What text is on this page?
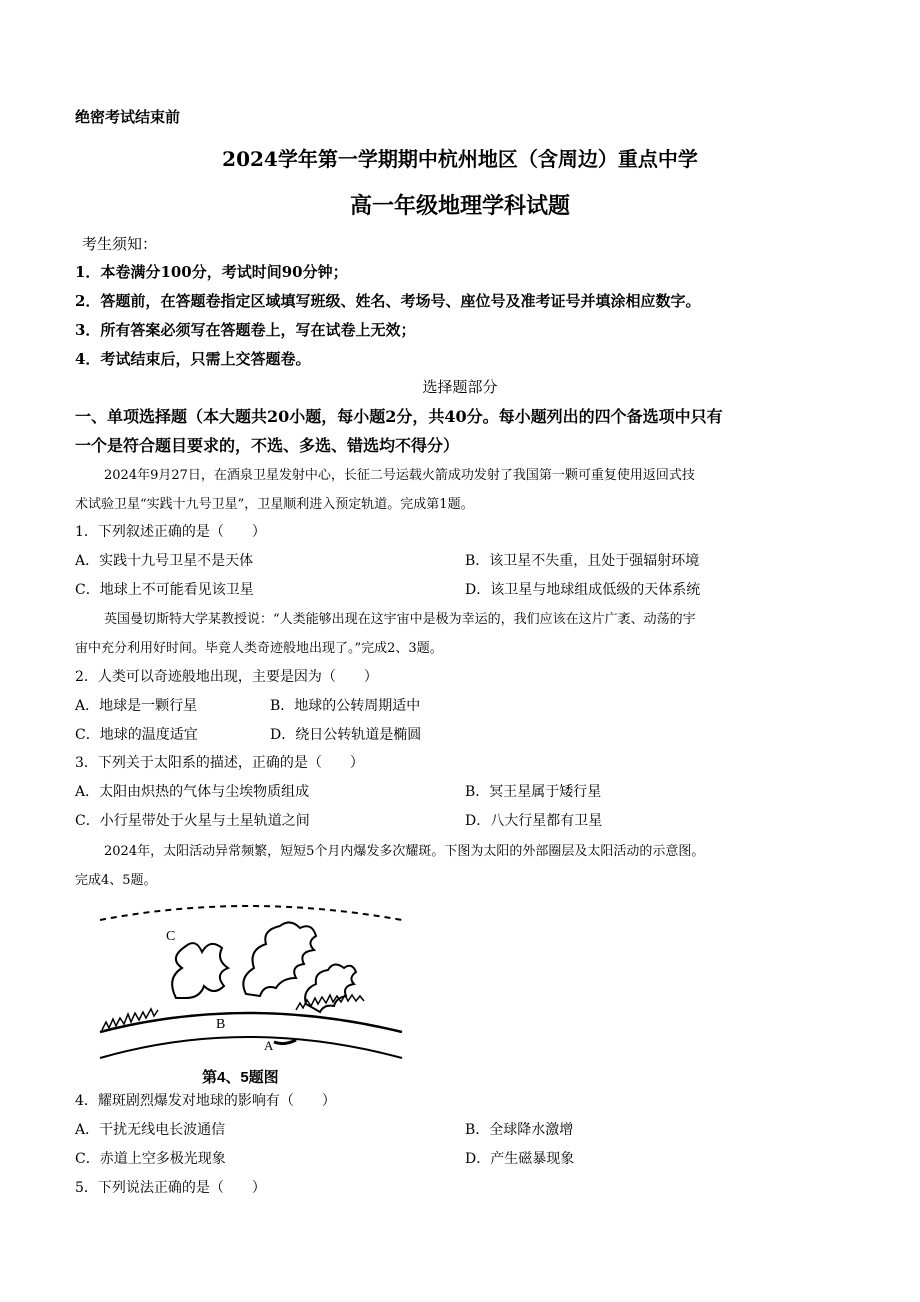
绝密考试结束前
2024学年第一学期期中杭州地区（含周边）重点中学
高一年级地理学科试题
考生须知：
1．本卷满分100分，考试时间90分钟；
2．答题前，在答题卷指定区域填写班级、姓名、考场号、座位号及准考证号并填涂相应数字。
3．所有答案必须写在答题卷上，写在试卷上无效；
4．考试结束后，只需上交答题卷。
选择题部分
一、单项选择题（本大题共20小题，每小题2分，共40分。每小题列出的四个备选项中只有
一个是符合题目要求的，不选、多选、错选均不得分）
2024年9月27日，在酒泉卫星发射中心，长征二号运载火箭成功发射了我国第一颗可重复使用返回式技
术试验卫星“实践十九号卫星”，卫星顺利进入预定轨道。完成第1题。
1．下列叙述正确的是（　　）
A．实践十九号卫星不是天体	B．该卫星不失重，且处于强辐射环境
C．地球上不可能看见该卫星	D．该卫星与地球组成低级的天体系统
英国曼切斯特大学某教授说：“人类能够出现在这宇宙中是极为幸运的，我们应该在这片广袤、动荡的宇
宙中充分利用好时间。毕竟人类奇迹般地出现了。”完成2、3题。
2．人类可以奇迹般地出现，主要是因为（　　）
A．地球是一颗行星	B．地球的公转周期适中
C．地球的温度适宜	D．绕日公转轨道是椭圆
3．下列关于太阳系的描述，正确的是（　　）
A．太阳由炽热的气体与尘埃物质组成	B．冥王星属于矮行星
C．小行星带处于火星与土星轨道之间	D．八大行星都有卫星
2024年，太阳活动异常频繁，短短5个月内爆发多次耀斑。下图为太阳的外部圈层及太阳活动的示意图。
完成4、5题。
C
B
A
第4、5题图
4．耀斑剧烈爆发对地球的影响有（　　）
A．干扰无线电长波通信	B．全球降水激增
C．赤道上空多极光现象	D．产生磁暴现象
5．下列说法正确的是（　　）
